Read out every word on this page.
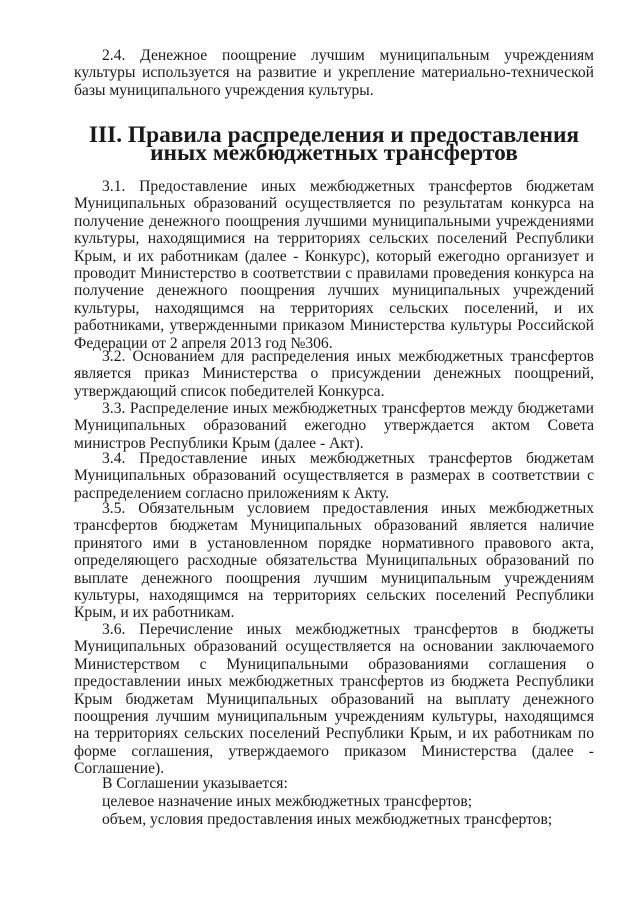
2.4. Денежное поощрение лучшим муниципальным учреждениям культуры используется на развитие и укрепление материально-технической базы муниципального учреждения культуры.

III. Правила распределения и предоставления иных межбюджетных трансфертов

3.1. Предоставление иных межбюджетных трансфертов бюджетам Муниципальных образований осуществляется по результатам конкурса на получение денежного поощрения лучшими муниципальными учреждениями культуры, находящимися на территориях сельских поселений Республики Крым, и их работникам (далее - Конкурс), который ежегодно организует и проводит Министерство в соответствии с правилами проведения конкурса на получение денежного поощрения лучших муниципальных учреждений культуры, находящимся на территориях сельских поселений, и их работниками, утвержденными приказом Министерства культуры Российской Федерации от 2 апреля 2013 год №306.

3.2. Основанием для распределения иных межбюджетных трансфертов является приказ Министерства о присуждении денежных поощрений, утверждающий список победителей Конкурса.

3.3. Распределение иных межбюджетных трансфертов между бюджетами Муниципальных образований ежегодно утверждается актом Совета министров Республики Крым (далее - Акт).

3.4. Предоставление иных межбюджетных трансфертов бюджетам Муниципальных образований осуществляется в размерах в соответствии с распределением согласно приложениям к Акту.

3.5. Обязательным условием предоставления иных межбюджетных трансфертов бюджетам Муниципальных образований является наличие принятого ими в установленном порядке нормативного правового акта, определяющего расходные обязательства Муниципальных образований по выплате денежного поощрения лучшим муниципальным учреждениям культуры, находящимся на территориях сельских поселений Республики Крым, и их работникам.

3.6. Перечисление иных межбюджетных трансфертов в бюджеты Муниципальных образований осуществляется на основании заключаемого Министерством с Муниципальными образованиями соглашения о предоставлении иных межбюджетных трансфертов из бюджета Республики Крым бюджетам Муниципальных образований на выплату денежного поощрения лучшим муниципальным учреждениям культуры, находящимся на территориях сельских поселений Республики Крым, и их работникам по форме соглашения, утверждаемого приказом Министерства (далее - Соглашение).

В Соглашении указывается:

целевое назначение иных межбюджетных трансфертов;

объем, условия предоставления иных межбюджетных трансфертов;
